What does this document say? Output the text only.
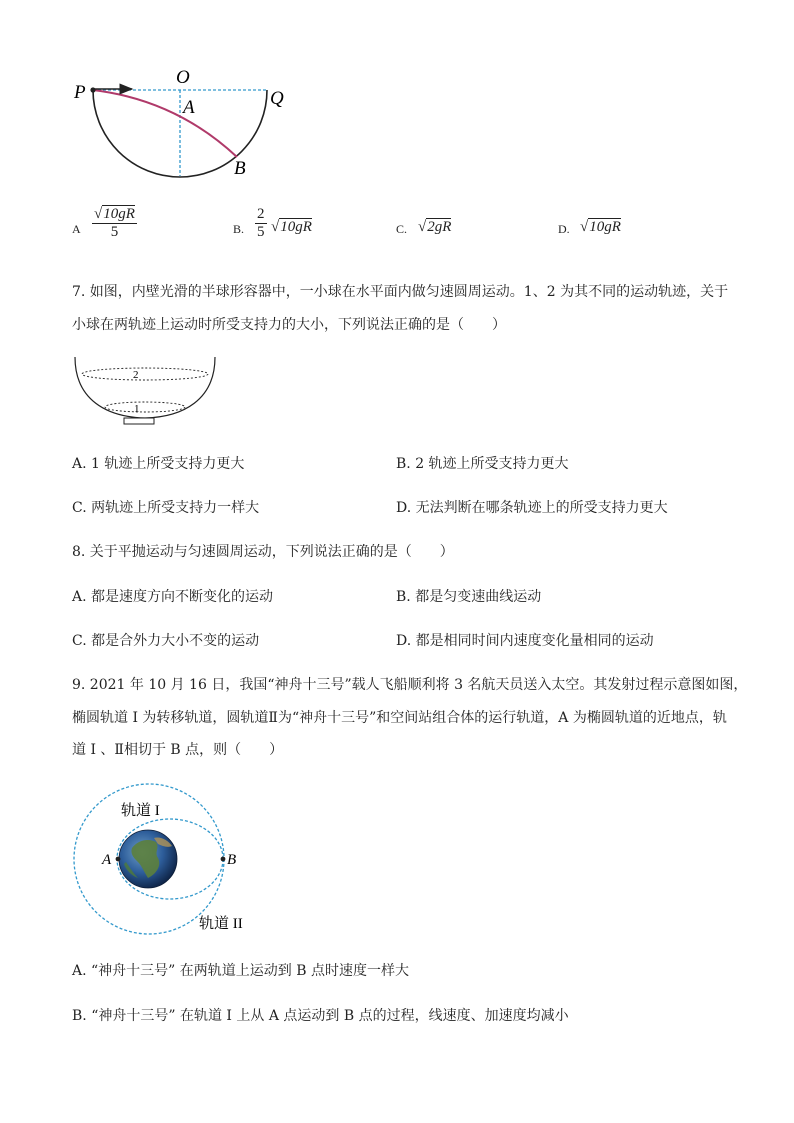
P
O
Q
A
B
A $\frac{√10gR}{5}$	B. $\frac{2}{5} √10gR$	C. √2gR	D. √10gR
7. 如图，内壁光滑的半球形容器中，一小球在水平面内做匀速圆周运动。1、2 为其不同的运动轨迹，关于
小球在两轨迹上运动时所受支持力的大小，下列说法正确的是（　　）
2
1
A. 1 轨迹上所受支持力更大	B. 2 轨迹上所受支持力更大
C. 两轨迹上所受支持力一样大	D. 无法判断在哪条轨迹上的所受支持力更大
8. 关于平抛运动与匀速圆周运动，下列说法正确的是（　　）
A. 都是速度方向不断变化的运动	B. 都是匀变速曲线运动
C. 都是合外力大小不变的运动	D. 都是相同时间内速度变化量相同的运动
9. 2021 年 10 月 16 日，我国“神舟十三号”载人飞船顺利将 3 名航天员送入太空。其发射过程示意图如图，
椭圆轨道 I 为转移轨道，圆轨道Ⅱ为“神舟十三号”和空间站组合体的运行轨道，A 为椭圆轨道的近地点，轨
道 I 、Ⅱ相切于 B 点，则（　　）
A	B
轨道 I
轨道 II
A. “神舟十三号” 在两轨道上运动到 B 点时速度一样大
B. “神舟十三号” 在轨道 I 上从 A 点运动到 B 点的过程，线速度、加速度均减小
